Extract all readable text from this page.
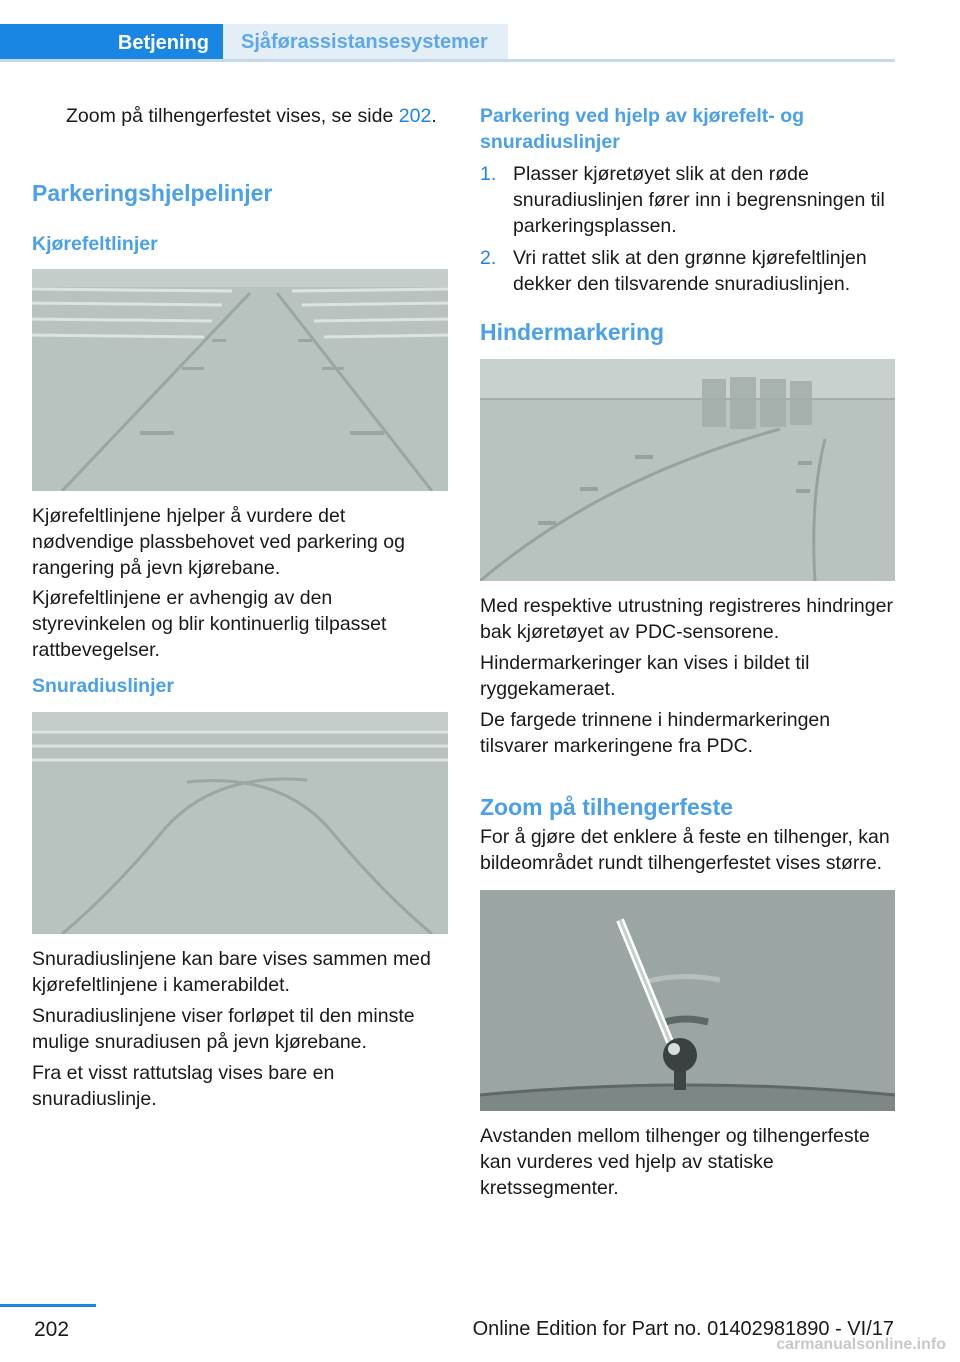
Betjening	Sjåførassistansesystemer

Zoom på tilhengerfestet vises, se side 202.

Parkeringshjelpelinjer
Kjørefeltlinjer

Kjørefeltlinjene hjelper å vurdere det nødvendige plassbehovet ved parkering og rangering på jevn kjørebane.

Kjørefeltlinjene er avhengig av den styrevinkelen og blir kontinuerlig tilpasset rattbevegelser.

Snuradiuslinjer

Snuradiuslinjene kan bare vises sammen med kjørefeltlinjene i kamerabildet.

Snuradiuslinjene viser forløpet til den minste mulige snuradiusen på jevn kjørebane.

Fra et visst rattutslag vises bare en snuradiuslinje.

Parkering ved hjelp av kjørefelt- og snuradiuslinjer
1. Plasser kjøretøyet slik at den røde snuradiuslinjen fører inn i begrensningen til parkeringsplassen.
2. Vri rattet slik at den grønne kjørefeltlinjen dekker den tilsvarende snuradiuslinjen.
Hindermarkering

Med respektive utrustning registreres hindringer bak kjøretøyet av PDC-sensorene.

Hindermarkeringer kan vises i bildet til ryggekameraet.

De fargede trinnene i hindermarkeringen tilsvarer markeringene fra PDC.

Zoom på tilhengerfeste

For å gjøre det enklere å feste en tilhenger, kan bildeområdet rundt tilhengerfestet vises større.

Avstanden mellom tilhenger og tilhengerfeste kan vurderes ved hjelp av statiske kretssegmenter.

202	Online Edition for Part no. 01402981890 - VI/17
carmanualsonline.info
